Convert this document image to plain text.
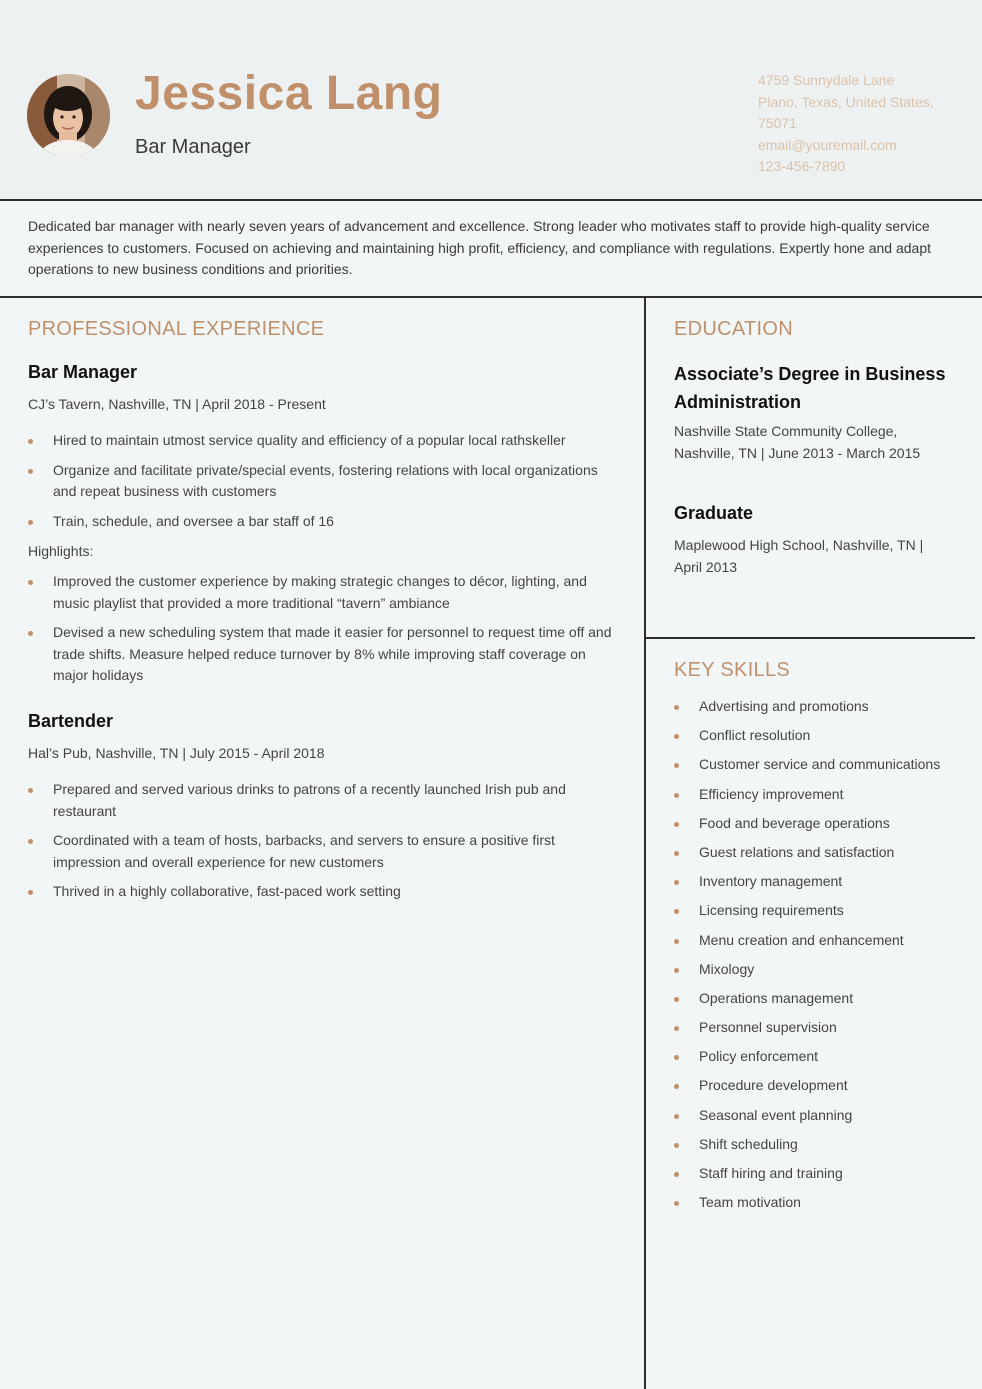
Jessica Lang
Bar Manager
4759 Sunnydale Lane
Plano, Texas, United States,
75071
email@youremail.com
123-456-7890
Dedicated bar manager with nearly seven years of advancement and excellence. Strong leader who motivates staff to provide high-quality service experiences to customers. Focused on achieving and maintaining high profit, efficiency, and compliance with regulations. Expertly hone and adapt operations to new business conditions and priorities.
PROFESSIONAL EXPERIENCE
Bar Manager
CJ’s Tavern, Nashville, TN | April 2018 - Present
Hired to maintain utmost service quality and efficiency of a popular local rathskeller
Organize and facilitate private/special events, fostering relations with local organizations and repeat business with customers
Train, schedule, and oversee a bar staff of 16
Highlights:
Improved the customer experience by making strategic changes to décor, lighting, and music playlist that provided a more traditional “tavern” ambiance
Devised a new scheduling system that made it easier for personnel to request time off and trade shifts. Measure helped reduce turnover by 8% while improving staff coverage on major holidays
Bartender
Hal’s Pub, Nashville, TN | July 2015 - April 2018
Prepared and served various drinks to patrons of a recently launched Irish pub and restaurant
Coordinated with a team of hosts, barbacks, and servers to ensure a positive first impression and overall experience for new customers
Thrived in a highly collaborative, fast-paced work setting
EDUCATION
Associate’s Degree in Business Administration
Nashville State Community College, Nashville, TN | June 2013 - March 2015
Graduate
Maplewood High School, Nashville, TN | April 2013
KEY SKILLS
Advertising and promotions
Conflict resolution
Customer service and communications
Efficiency improvement
Food and beverage operations
Guest relations and satisfaction
Inventory management
Licensing requirements
Menu creation and enhancement
Mixology
Operations management
Personnel supervision
Policy enforcement
Procedure development
Seasonal event planning
Shift scheduling
Staff hiring and training
Team motivation
